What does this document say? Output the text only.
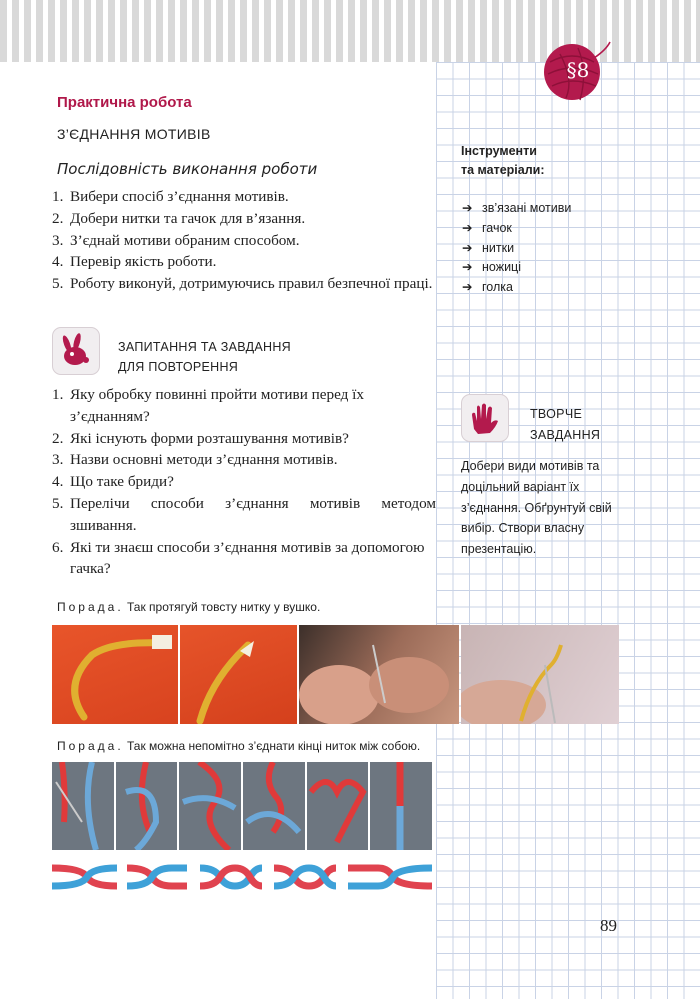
§8
Практична робота
З’ЄДНАННЯ МОТИВІВ
Послідовність виконання роботи
1. Вибери спосіб з’єднання мотивів.
2. Добери нитки та гачок для в’язання.
3. З’єднай мотиви обраним способом.
4. Перевір якість роботи.
5. Роботу виконуй, дотримуючись правил безпечної праці.
ЗАПИТАННЯ ТА ЗАВДАННЯ
ДЛЯ ПОВТОРЕННЯ
1. Яку обробку повинні пройти мотиви перед їх з’єднанням?
2. Які існують форми розташування мотивів?
3. Назви основні методи з’єднання мотивів.
4. Що таке бриди?
5. Перелічи способи з’єднання мотивів методом зшивання.
6. Які ти знаєш способи з’єднання мотивів за допомогою гачка?
Інструменти
та матеріали:
➔ зв’язані мотиви
➔ гачок
➔ нитки
➔ ножиці
➔ голка
ТВОРЧЕ
ЗАВДАННЯ
Добери види мотивів та доцільний варіант їх з’єднання. Обґрунтуй свій вибір. Створи власну презентацію.
Порада. Так протягуй товсту нитку у вушко.
Порада. Так можна непомітно з’єднати кінці ниток між собою.
89
